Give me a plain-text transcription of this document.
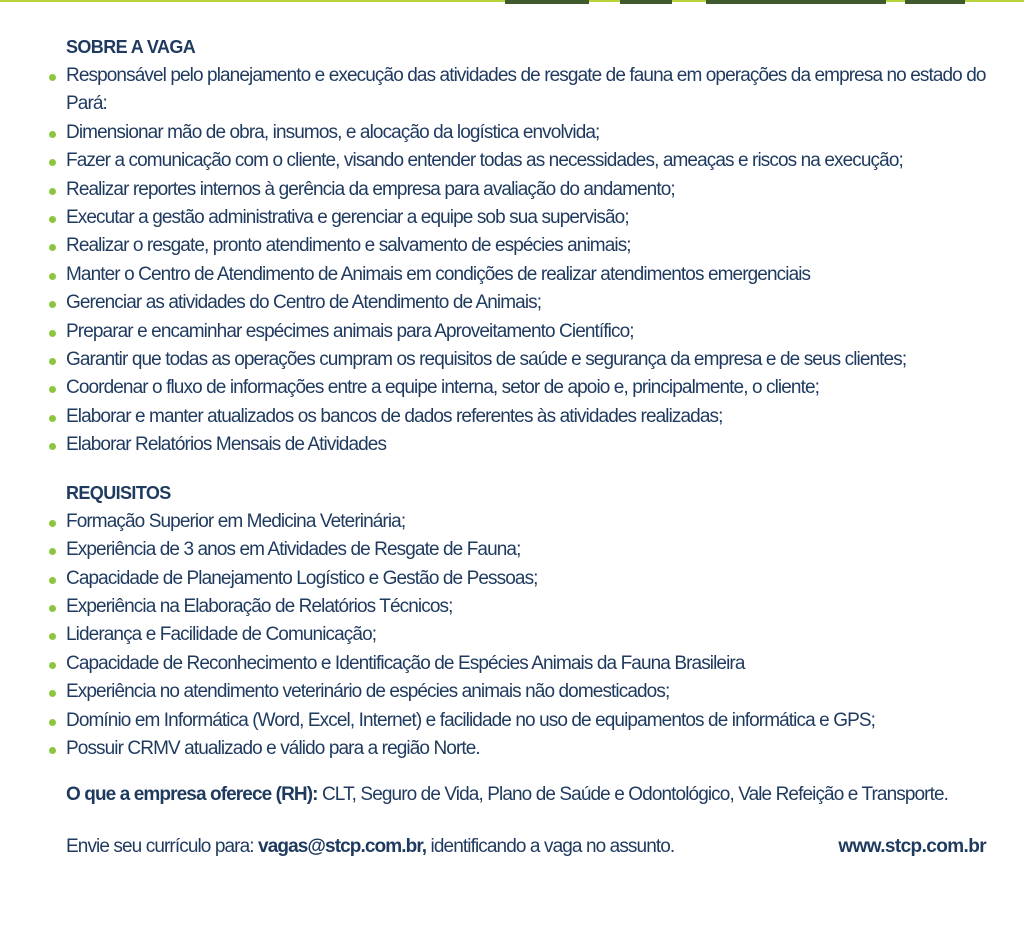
SOBRE A VAGA
Responsável pelo planejamento e execução das atividades de resgate de fauna em operações da empresa no estado do Pará:
Dimensionar mão de obra, insumos, e alocação da logística envolvida;
Fazer a comunicação com o cliente, visando entender todas as necessidades, ameaças e riscos na execução;
Realizar reportes internos à gerência da empresa para avaliação do andamento;
Executar a gestão administrativa e gerenciar a equipe sob sua supervisão;
Realizar o resgate, pronto atendimento e salvamento de espécies animais;
Manter o Centro de Atendimento de Animais em condições de realizar atendimentos emergenciais
Gerenciar as atividades do Centro de Atendimento de Animais;
Preparar e encaminhar espécimes animais para Aproveitamento Científico;
Garantir que todas as operações cumpram os requisitos de saúde e segurança da empresa e de seus clientes;
Coordenar o fluxo de informações entre a equipe interna, setor de apoio e, principalmente, o cliente;
Elaborar e manter atualizados os bancos de dados referentes às atividades realizadas;
Elaborar Relatórios Mensais de Atividades
REQUISITOS
Formação Superior em Medicina Veterinária;
Experiência de 3 anos em Atividades de Resgate de Fauna;
Capacidade de Planejamento Logístico e Gestão de Pessoas;
Experiência na Elaboração de Relatórios Técnicos;
Liderança e Facilidade de Comunicação;
Capacidade de Reconhecimento e Identificação de Espécies Animais da Fauna Brasileira
Experiência no atendimento veterinário de espécies animais não domesticados;
Domínio em Informática (Word, Excel, Internet) e facilidade no uso de equipamentos de informática e GPS;
Possuir CRMV atualizado e válido para a região Norte.
O que a empresa oferece (RH): CLT, Seguro de Vida, Plano de Saúde e Odontológico, Vale Refeição e Transporte.
Envie seu currículo para: vagas@stcp.com.br, identificando a vaga no assunto.	www.stcp.com.br
